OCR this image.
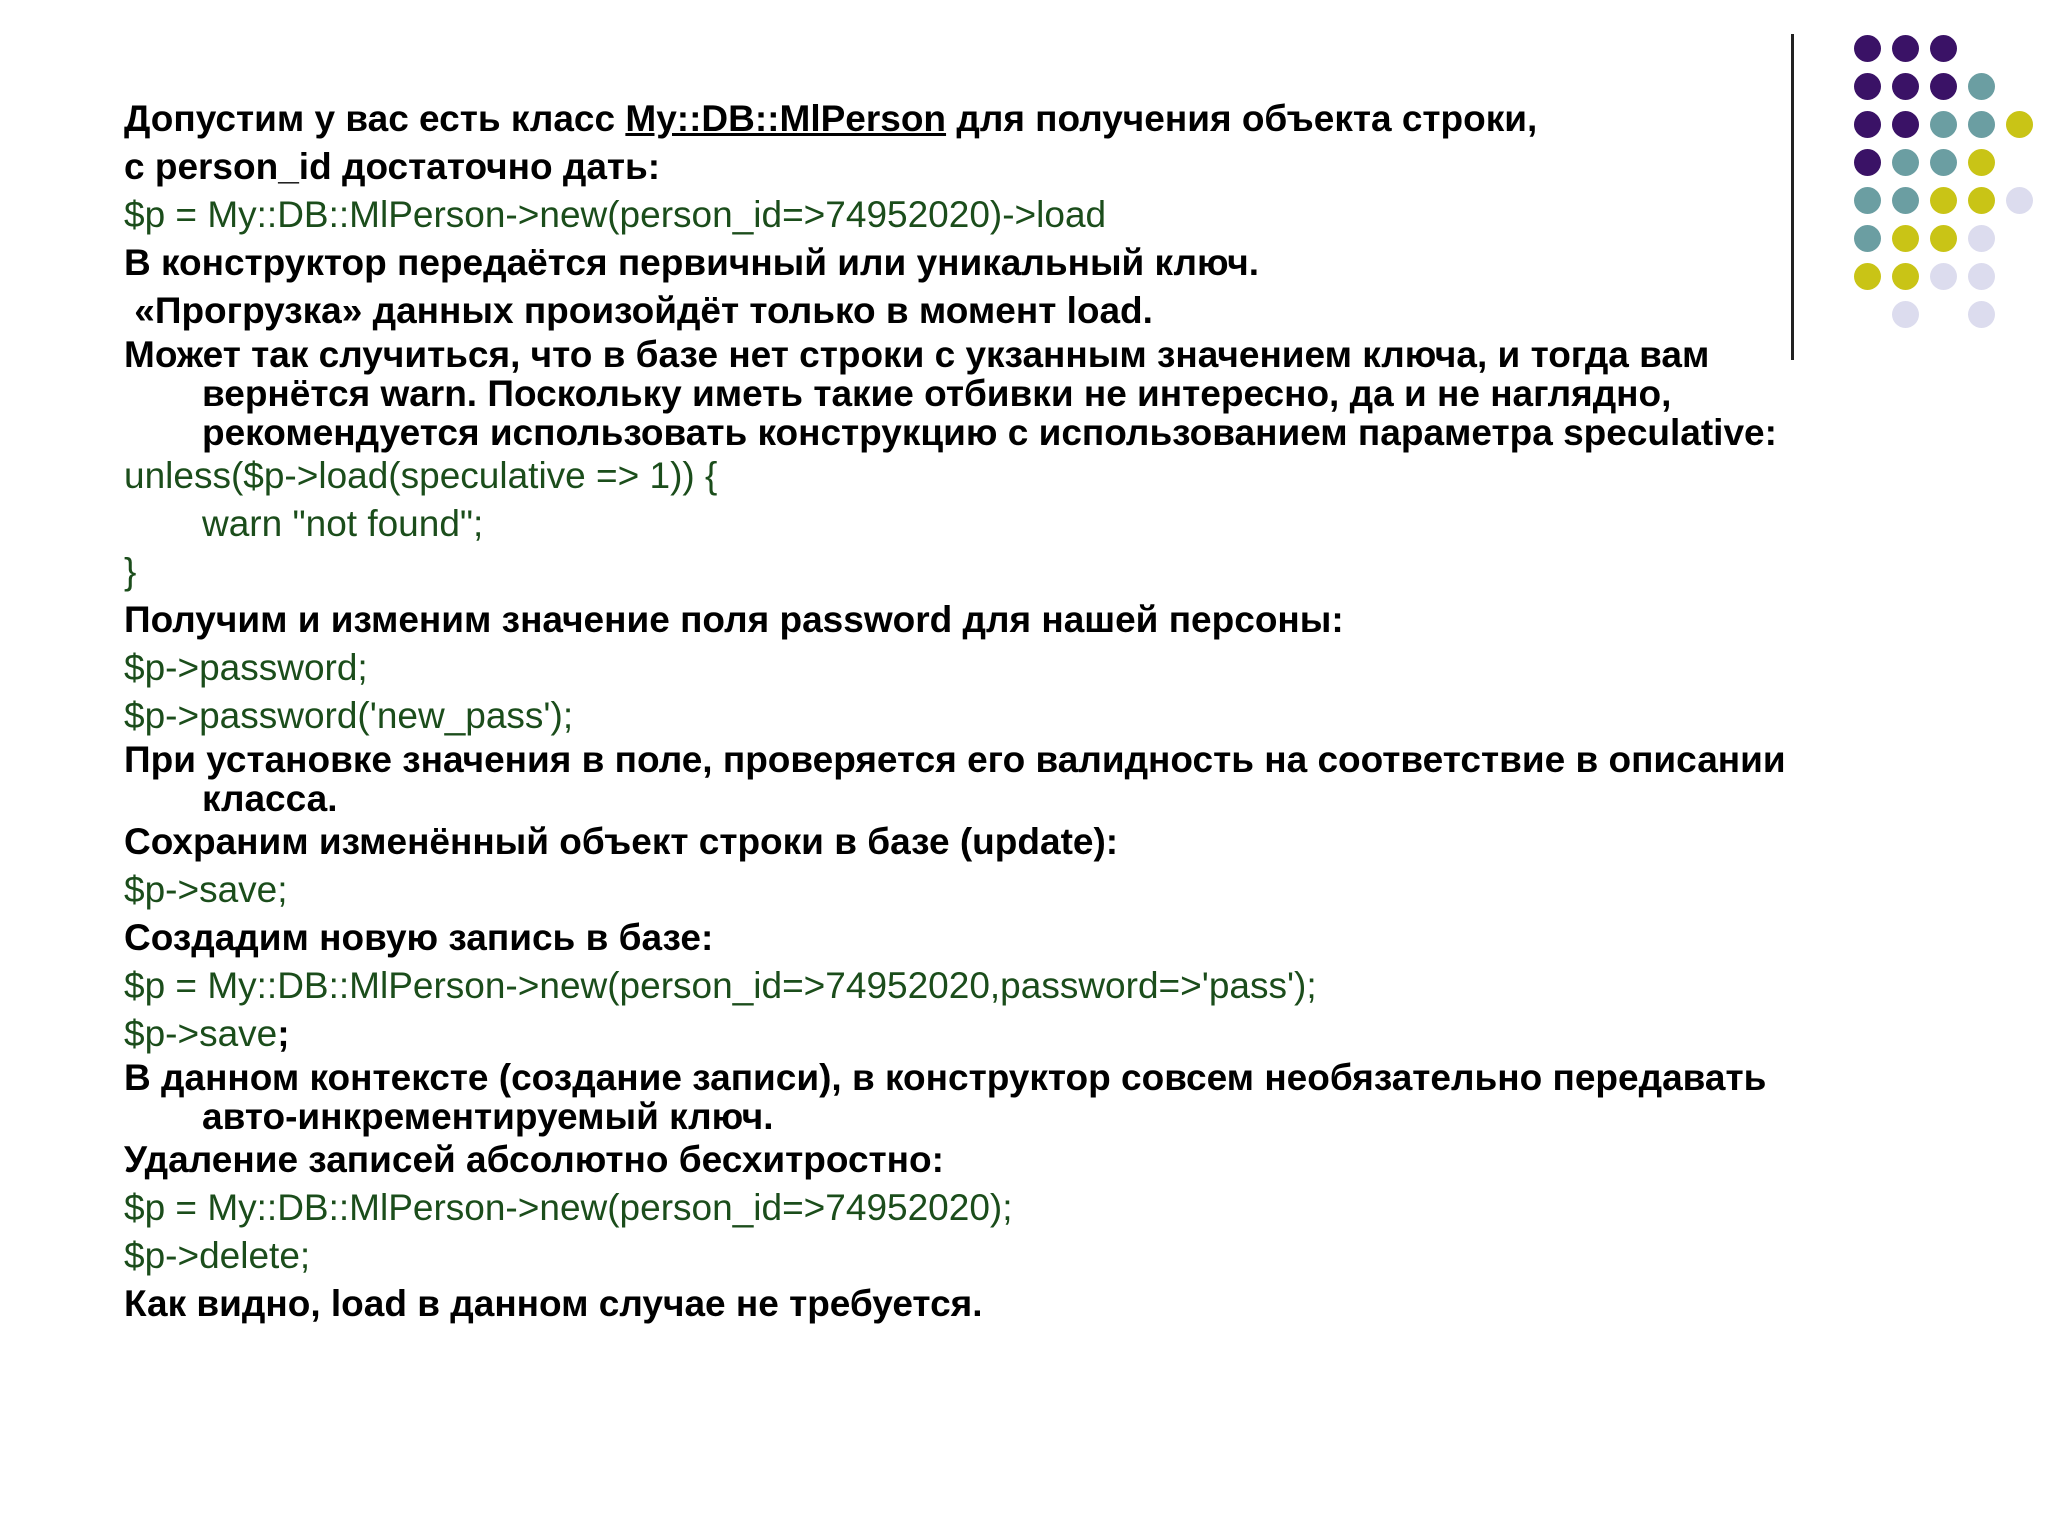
Допустим у вас есть класс My::DB::MlPerson для получения объекта строки,
с person_id достаточно дать:
$p = My::DB::MlPerson->new(person_id=>74952020)->load
В конструктор передаётся первичный или уникальный ключ.
«Прогрузка» данных произойдёт только в момент load.
Может так случиться, что в базе нет строки с укзанным значением ключа, и тогда вам
вернётся warn. Поскольку иметь такие отбивки не интересно, да и не наглядно,
рекомендуется использовать конструкцию с использованием параметра speculative:
unless($p->load(speculative => 1)) {
warn "not found";
}
Получим и изменим значение поля password для нашей персоны:
$p->password;
$p->password('new_pass');
При установке значения в поле, проверяется его валидность на соответствие в описании
класса.
Сохраним изменённый объект строки в базе (update):
$p->save;
Создадим новую запись в базе:
$p = My::DB::MlPerson->new(person_id=>74952020,password=>'pass');
$p->save;
В данном контексте (создание записи), в конструктор совсем необязательно передавать
авто-инкрементируемый ключ.
Удаление записей абсолютно бесхитростно:
$p = My::DB::MlPerson->new(person_id=>74952020);
$p->delete;
Как видно, load в данном случае не требуется.
